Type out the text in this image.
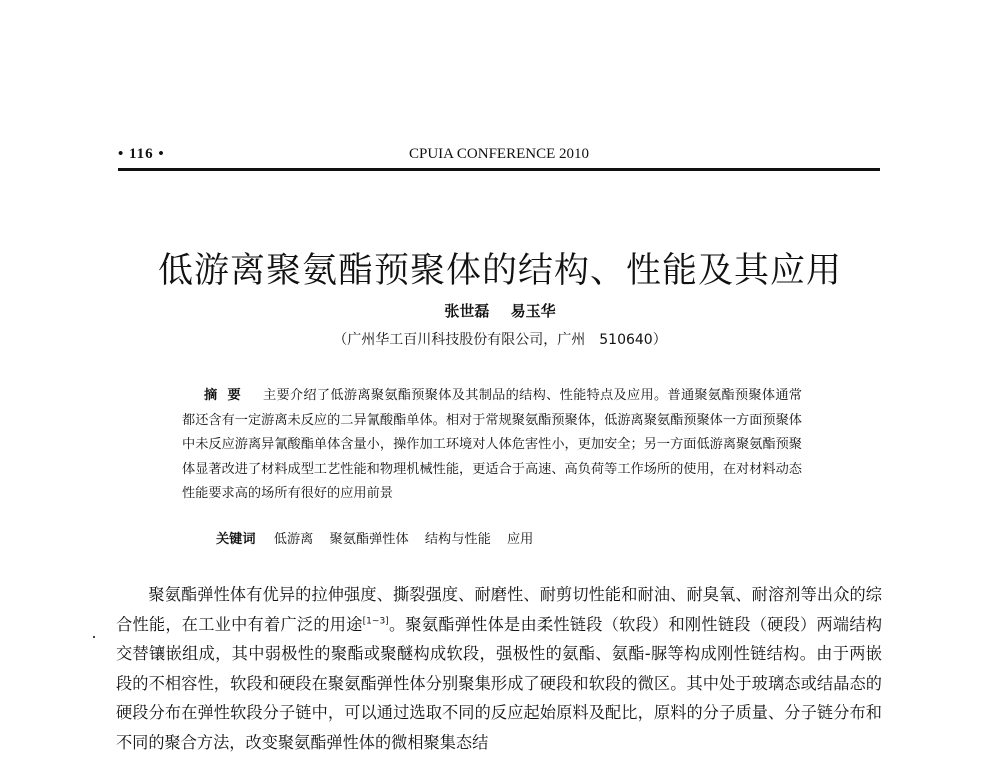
• 116 •	CPUIA CONFERENCE 2010
低游离聚氨酯预聚体的结构、性能及其应用
张世磊 易玉华
（广州华工百川科技股份有限公司，广州　510640）
摘要 主要介绍了低游离聚氨酯预聚体及其制品的结构、性能特点及应用。普通聚氨酯预聚体通常都还含有一定游离未反应的二异氰酸酯单体。相对于常规聚氨酯预聚体，低游离聚氨酯预聚体一方面预聚体中未反应游离异氰酸酯单体含量小，操作加工环境对人体危害性小，更加安全；另一方面低游离聚氨酯预聚体显著改进了材料成型工艺性能和物理机械性能，更适合于高速、高负荷等工作场所的使用，在对材料动态性能要求高的场所有很好的应用前景
关键词 低游离 聚氨酯弹性体 结构与性能 应用

聚氨酯弹性体有优异的拉伸强度、撕裂强度、耐磨性、耐剪切性能和耐油、耐臭氧、耐溶剂等出众的综合性能，在工业中有着广泛的用途[1~3]。聚氨酯弹性体是由柔性链段（软段）和刚性链段（硬段）两端结构交替镶嵌组成，其中弱极性的聚酯或聚醚构成软段，强极性的氨酯、氨酯-脲等构成刚性链结构。由于两嵌段的不相容性，软段和硬段在聚氨酯弹性体分别聚集形成了硬段和软段的微区。其中处于玻璃态或结晶态的硬段分布在弹性软段分子链中，可以通过选取不同的反应起始原料及配比，原料的分子质量、分子链分布和不同的聚合方法，改变聚氨酯弹性体的微相聚集态结
